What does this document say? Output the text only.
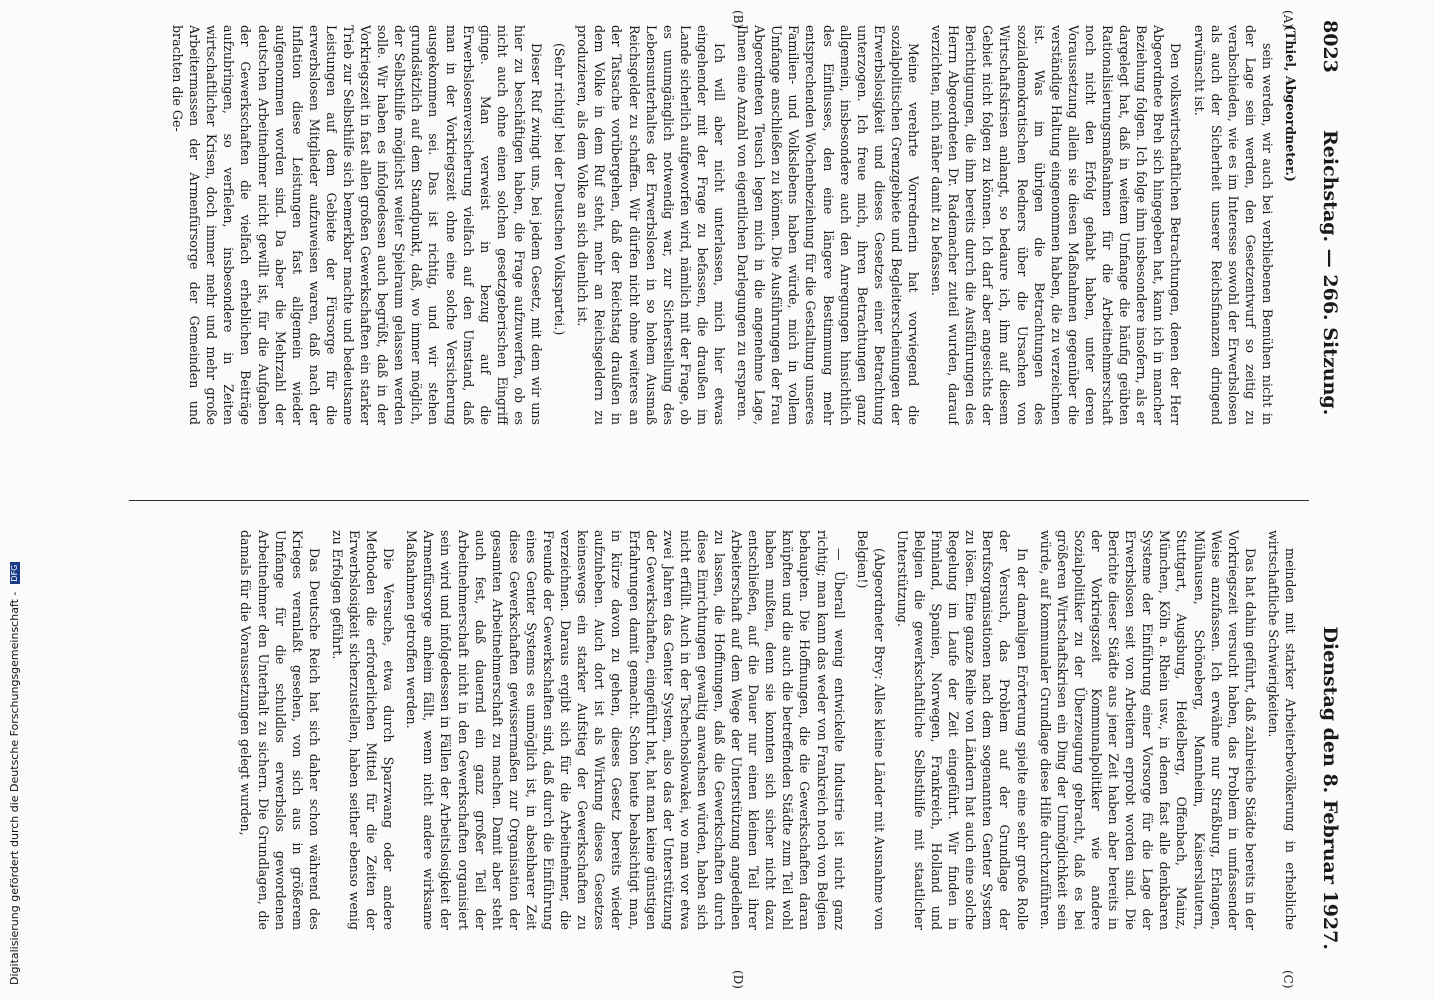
Digitalisierung gefördert durch die Deutsche Forschungsgemeinschaft - DFG
8023
Reichstag. — 266. Sitzung.
Dienstag den 8. Februar 1927.
(A)
(B)
(C)
(D)

(Thiel, Abgeordneter.)

sein werden, wir auch bei verbliebenen Bemühen nicht in der Lage sein werden, den Gesetzentwurf so zeitig zu verabschieden, wie es im Interesse sowohl der Erwerbslosen als auch der Sicherheit unserer Reichsfinanzen dringend erwünscht ist.

Den volkswirtschaftlichen Betrachtungen, denen der Herr Abgeordnete Breh sich hingegeben hat, kann ich in mancher Beziehung folgen. Ich folge ihm insbesondere insofern, als er dargelegt hat, daß in weitem Umfange die häufig geübten Rationalisierungsmaßnahmen für die Arbeitnehmerschaft noch nicht den Erfolg gehabt haben, unter deren Voraussetzung allein sie diesen Maßnahmen gegenüber die verständige Haltung eingenommen haben, die zu verzeichnen ist. Was im übrigen die Betrachtungen des sozialdemokratischen Redners über die Ursachen von Wirtschaftskrisen anlangt, so bedaure ich, ihm auf diesem Gebiet nicht folgen zu können. Ich darf aber angesichts der Berichtigungen, die ihm bereits durch die Ausführungen des Herrn Abgeordneten Dr. Rademacher zuteil wurden, darauf verzichten, mich näher damit zu befassen.

Meine verehrte Vorrednerin hat vorwiegend die sozialpolitischen Grenzgebiete und Begleiterscheinungen der Erwerbslosigkeit und dieses Gesetzes einer Betrachtung unterzogen. Ich freue mich, ihren Betrachtungen ganz allgemein, insbesondere auch den Anregungen hinsichtlich des Einflusses, den eine längere Bestimmung mehr entsprechenden Wochenbeziehung für die Gestaltung unseres Familien- und Volkslebens haben würde, mich in vollem Umfange anschließen zu können. Die Ausführungen der Frau Abgeordneten Teusch legen mich in die angenehme Lage, Ihnen eine Anzahl von eigentlichen Darlegungen zu ersparen.

Ich will aber nicht unterlassen, mich hier etwas eingehender mit der Frage zu befassen, die draußen im Lande sicherlich aufgeworfen wird, nämlich mit der Frage, ob es unumgänglich notwendig war, zur Sicherstellung des Lebensunterhaltes der Erwerbslosen in so hohem Ausmaß Reichsgelder zu schaffen. Wir dürfen nicht ohne weiteres an der Tatsache vorübergehen, daß der Reichstag draußen in dem Volke in dem Ruf steht, mehr an Reichsgeldern zu produzieren, als dem Volke an sich dienlich ist.

(Sehr richtig! bei der Deutschen Volkspartei.)

Dieser Ruf zwingt uns, bei jedem Gesetz, mit dem wir uns hier zu beschäftigen haben, die Frage aufzuwerfen, ob es nicht auch ohne einen solchen gesetzgeberischen Eingriff ginge. Man verweist in bezug auf die Erwerbslosenversicherung vielfach auf den Umstand, daß man in der Vorkriegszeit ohne eine solche Versicherung ausgekommen sei. Das ist richtig, und wir stehen grundsätzlich auf dem Standpunkt, daß, wo immer möglich, der Selbsthilfe möglichst weiter Spielraum gelassen werden solle. Wir haben es infolgedessen auch begrüßt, daß in der Vorkriegszeit in fast allen großen Gewerkschaften ein starker Trieb zur Selbsthilfe sich bemerkbar machte und bedeutsame Leistungen auf dem Gebiete der Fürsorge für die erwerbslosen Mitglieder aufzuweisen waren, daß nach der Inflation diese Leistungen fast allgemein wieder aufgenommen worden sind. Da aber die Mehrzahl der deutschen Arbeitnehmer nicht gewillt ist, für die Aufgaben der Gewerkschaften die vielfach erheblichen Beiträge aufzubringen, so verfielen, insbesondere in Zeiten wirtschaftlicher Krisen, doch immer mehr und mehr große Arbeitermassen der Armenfürsorge der Gemeinden und brachten die Ge-

meinden mit starker Arbeiterbevölkerung in erhebliche wirtschaftliche Schwierigkeiten.

Das hat dahin geführt, daß zahlreiche Städte bereits in der Vorkriegszeit versucht haben, das Problem in umfassender Weise anzufassen. Ich erwähne nur Straßburg, Erlangen, Mülhausen, Schöneberg, Mannheim, Kaiserslautern, Stuttgart, Augsburg, Heidelberg, Offenbach, Mainz, München, Köln a. Rhein usw., in denen fast alle denkbaren Systeme der Einführung einer Vorsorge für die Lage der Erwerbslosen seit von Arbeitern erprobt worden sind. Die Berichte dieser Städte aus jener Zeit haben aber bereits in der Vorkriegszeit Kommunalpolitiker wie andere Sozialpolitiker zu der Überzeugung gebracht, daß es bei größeren Wirtschaftskrisen ein Ding der Unmöglichkeit sein würde, auf kommunaler Grundlage diese Hilfe durchzuführen.

In der damaligen Erörterung spielte eine sehr große Rolle der Versuch, das Problem auf der Grundlage der Berufsorganisationen nach dem sogenannten Genter System zu lösen. Eine ganze Reihe von Ländern hat auch eine solche Regelung im Laufe der Zeit eingeführt. Wir finden in Finnland, Spanien, Norwegen, Frankreich, Holland und Belgien die gewerkschaftliche Selbsthilfe mit staatlicher Unterstützung.

(Abgeordneter Brey: Alles kleine Länder mit Ausnahme von Belgien!)

— Überall wenig entwickelte Industrie ist nicht ganz richtig; man kann das weder von Frankreich noch von Belgien behaupten. Die Hoffnungen, die die Gewerkschaften daran knüpften und die auch die betreffenden Städte zum Teil wohl haben mußten, denn sie konnten sich sicher nicht dazu entschließen, auf die Dauer nur einen kleinen Teil ihrer Arbeiterschaft auf dem Wege der Unterstützung angedeihen zu lassen, die Hoffnungen, daß die Gewerkschaften durch diese Einrichtungen gewaltig anwachsen würden, haben sich nicht erfüllt. Auch in der Tschechoslowakei, wo man vor etwa zwei Jahren das Genter System, also das der Unterstützung der Gewerkschaften, eingeführt hat, hat man keine günstigen Erfahrungen damit gemacht. Schon heute beabsichtigt man, in kürze davon zu gehen, dieses Gesetz bereits wieder aufzuheben. Auch dort ist als Wirkung dieses Gesetzes keineswegs ein starker Aufstieg der Gewerkschaften zu verzeichnen. Daraus ergibt sich für die Arbeitnehmer, die Freunde der Gewerkschaften sind, daß durch die Einführung eines Genter Systems es unmöglich ist, in absehbarer Zeit diese Gewerkschaften gewissermaßen zur Organisation der gesamten Arbeitnehmerschaft zu machen. Damit aber steht auch fest, daß dauernd ein ganz großer Teil der Arbeitnehmerschaft nicht in den Gewerkschaften organisiert sein wird und infolgedessen in Fällen der Arbeitslosigkeit der Armenfürsorge anheim fällt, wenn nicht andere wirksame Maßnahmen getroffen werden.

Die Versuche, etwa durch Sparzwang oder andere Methoden die erforderlichen Mittel für die Zeiten der Erwerbslosigkeit sicherzustellen, haben seither ebenso wenig zu Erfolgen geführt.

Das Deutsche Reich hat sich daher schon während des Krieges veranlaßt gesehen, von sich aus in größerem Umfange für die schuldlos erwerbslos gewordenen Arbeitnehmer den Unterhalt zu sichern. Die Grundlagen, die damals für die Voraussetzungen gelegt wurden,
